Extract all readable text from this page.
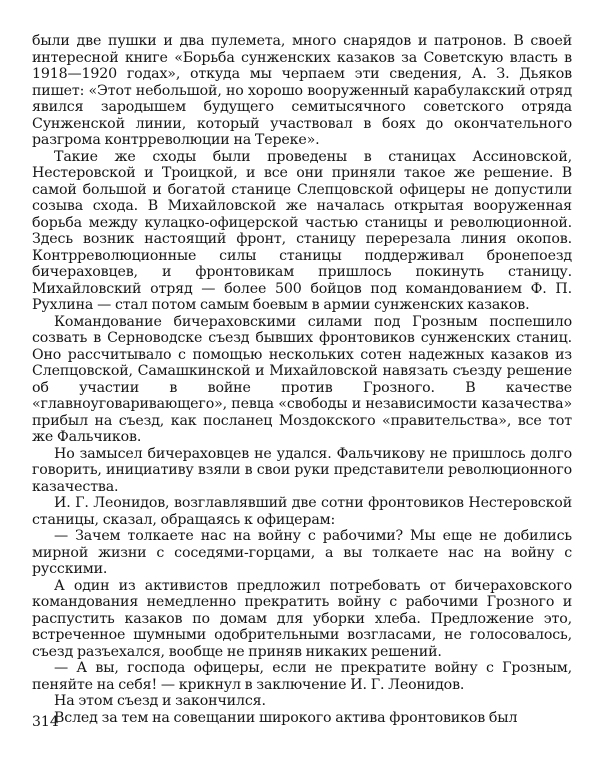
были две пушки и два пулемета, много снарядов и патронов. В своей интересной книге «Борьба сунженских казаков за Советскую власть в 1918—1920 годах», откуда мы черпаем эти сведения, А. З. Дьяков пишет: «Этот небольшой, но хорошо вооруженный карабулакский отряд явился зародышем будущего семитысячного советского отряда Сунженской линии, который участвовал в боях до окончательного разгрома контрреволюции на Тереке».

Такие же сходы были проведены в станицах Ассиновской, Нестеровской и Троицкой, и все они приняли такое же решение. В самой большой и богатой станице Слепцовской офицеры не допустили созыва схода. В Михайловской же началась открытая вооруженная борьба между кулацко-офицерской частью станицы и революционной. Здесь возник настоящий фронт, станицу перерезала линия окопов. Контрреволюционные силы станицы поддерживал бронепоезд бичераховцев, и фронтовикам пришлось покинуть станицу. Михайловский отряд — более 500 бойцов под командованием Ф. П. Рухлина — стал потом самым боевым в армии сунженских казаков.

Командование бичераховскими силами под Грозным поспешило созвать в Серноводске съезд бывших фронтовиков сунженских станиц. Оно рассчитывало с помощью нескольких сотен надежных казаков из Слепцовской, Самашкинской и Михайловской навязать съезду решение об участии в войне против Грозного. В качестве «главноуговаривающего», певца «свободы и независимости казачества» прибыл на съезд, как посланец Моздокского «правительства», все тот же Фальчиков.

Но замысел бичераховцев не удался. Фальчикову не пришлось долго говорить, инициативу взяли в свои руки представители революционного казачества.

И. Г. Леонидов, возглавлявший две сотни фронтовиков Нестеровской станицы, сказал, обращаясь к офицерам:

— Зачем толкаете нас на войну с рабочими? Мы еще не добились мирной жизни с соседями-горцами, а вы толкаете нас на войну с русскими.

А один из активистов предложил потребовать от бичераховского командования немедленно прекратить войну с рабочими Грозного и распустить казаков по домам для уборки хлеба. Предложение это, встреченное шумными одобрительными возгласами, не голосовалось, съезд разъехался, вообще не приняв никаких решений.

— А вы, господа офицеры, если не прекратите войну с Грозным, пеняйте на себя! — крикнул в заключение И. Г. Леонидов.

На этом съезд и закончился.

Вслед за тем на совещании широкого актива фронтовиков был

314
